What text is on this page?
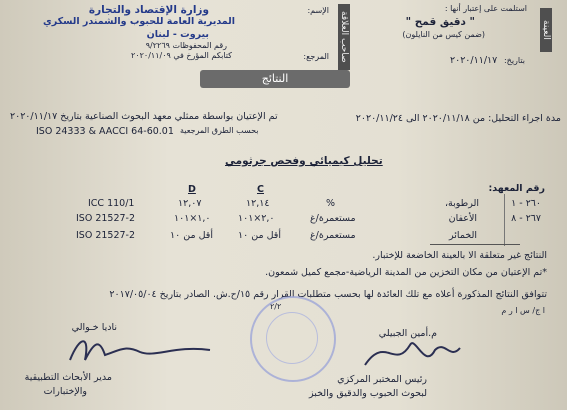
العينة
صاحب العلاقة
استلمت على إعتبار أنها :
" دقيق قمح "
(ضمن كيس من النايلون)
بتاريخ:
٢٠٢٠/١١/١٧
الإسم:
المرجع:
وزارة الإقتصاد والتجارة
المديرية العامة للحبوب والشمندر السكري
بيروت - لبنان
رقم المحفوظات ٩/٢٢٦٩
كتابكم المؤرخ في ٢٠٢٠/١١/٠٩
النتائج
مدة اجراء التحليل: من ٢٠٢٠/١١/١٨ الى ٢٠٢٠/١١/٢٤
تم الإعتيان بواسطة ممثلي معهد البحوث الصناعية بتاريخ ٢٠٢٠/١١/١٧
بحسب الطرق المرجعية
ISO 24333 & AACCI 64-60.01
تحليل كيميائي وفحص جرثومي
رقم المعهد:
C
D
٢٦٠ - ١
الرطوبة،
%
١٢,١٤
١٢,٠٧
ICC 110/1
٢٦٧ - ٨
الأعفان
مستعمرة/غ
٢,٠×١٠١
١,٠×١٠١
ISO 21527-2
الخمائر
مستعمرة/غ
أقل من ١٠
أقل من ١٠
ISO 21527-2
النتائج غير متعلقة الا بالعينة الخاضعة للإختبار.
*تم الإعتيان من مكان التخزين من المدينة الرياضية-مجمع كميل شمعون.
تتوافق النتائج المذكورة أعلاه مع تلك العائدة لها بحسب متطلبات القرار رقم ١٥/ح.ش. الصادر بتاريخ ٢٠١٧/٠٥/٠٤
ا ج/ س ا ر م
٢/٢
ناديا خـوالي
مدير الأبحاث التطبيقية
والإختبارات
م.أمين الجبيلي
رئيس المختبر المركزي
لبحوث الحبوب والدقيق والخبز
